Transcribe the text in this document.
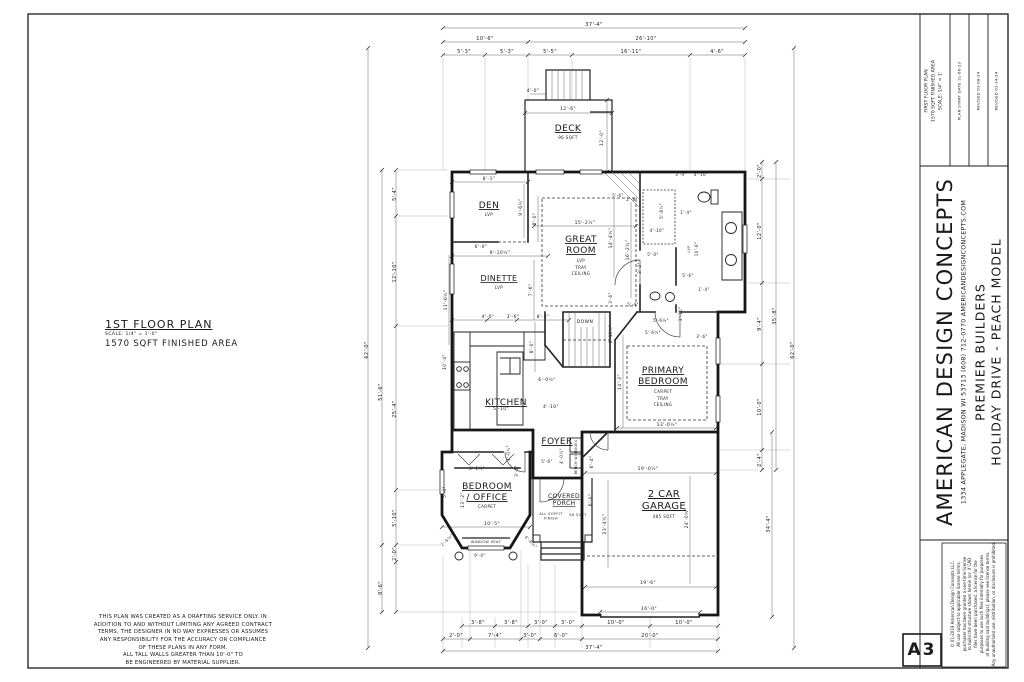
DECK
96 SQFT
DEN
LVP
GREAT
ROOM
LVP
TRAY
CEILING
DINETTE
LVP
KITCHEN
PRIMARY
BEDROOM
CARPET
TRAY
CEILING
FOYER
BEDROOM
/ OFFICE
CARPET
COVERED
PORCH
ALL SOFFIT
FINISH
56 SQFT
2 CAR
GARAGE
485 SQFT
DOWN
WINDOW SEAT
BENCH W/ HOOKS
LVP
37'-4"
10'-6"	26'-10"
5'-3"	5'-3"	5'-5"	16'-11"	4'-6"
4'-0"
12'-6"
12'-0"
62'-0"
51'-6"
5'-4"
12'-10"
25'-4"
5'-10"
2'-0"
8'-6"
2'-0"
12'-0"
9'-4"
10'-0"
2'-4"
35'-8"
34'-4"
62'-0"
16'-0"
3'-8"	3'-8"	3'-0"	3'-0"	10'-0"	10'-0"
2'-0"	7'-4"	3'-0"	6'-0"	20'-0"
37'-4"
8'-1"
9'-6½"
6'-0"
9'-10½"
8'-0"	15'-2½"
14'-4½"
16'-2½"
11'-6½"	7'-6"
3'-4" 4'-10"
5'-6"
2'-8"
5'-8½"
4'-10"
1'-4"
5'-0"
3'-2"
10'-6"
5'-6"
1'-4"
3'-6"
5'-4"
5'-6½" 3'-10"
5'-6½"
3'-6"
6'-10½"
14'-2"
13'-0½"
4'-0"	3'-6"	8'-3"
8'-0"
10'-4"
6'-0½"
4'-10"
5'-10"
4'-0½"
6'-1½"	3'-6"
5'-6" 4'-0½"	6'-4"
5'-0"
13'-2"
10'-5"
6'-0"
23'-4½"
19'-0½"
24'-0½"
19'-6"
9'-0"
4'-6½"
2'-6½"
1ST FLOOR PLAN
SCALE: 1/4" = 1'-0"
1570 SQFT FINISHED AREA
THIS PLAN WAS CREATED AS A DRAFTING SERVICE ONLY. IN
ADDITION TO AND WITHOUT LIMITING ANY AGREED CONTRACT
TERMS, THE DESIGNER IN NO WAY EXPRESSES OR ASSUMES
ANY RESPONSIBILITY FOR THE ACCURACY OR COMPLIANCE
OF THESE PLANS IN ANY FORM.
ALL TALL WALLS GREATER THAN 10'-0" TO
BE ENGINEERED BY MATERIAL SUPPLIER.
FIRST FLOOR PLAN 1570 SQFT FINISHED AREA SCALE: 1/4" = 1'	PLAN START DATE 11-06-23	REVISED 01-08-24	REVISED 01-14-24
AMERICAN DESIGN CONCEPTS 1334 APPLEGATE, MADISON WI 53713 (608) 712-0770 AMERICANDESIGNCONCEPTS.COM PREMIER BUILDERS HOLIDAY DRIVE - PEACH MODEL
© 01-2019 American Design Concepts LLC. All use subject to applicable license terms; purchaser has been granted a one-time license to build the structure shown herein (or, if CAD files have been purchased, a license for the purposes to use such files internally for purposes of building said buildings); please see license terms. Any unauthorized use, distribution, or disclosure is prohibited.
A3
